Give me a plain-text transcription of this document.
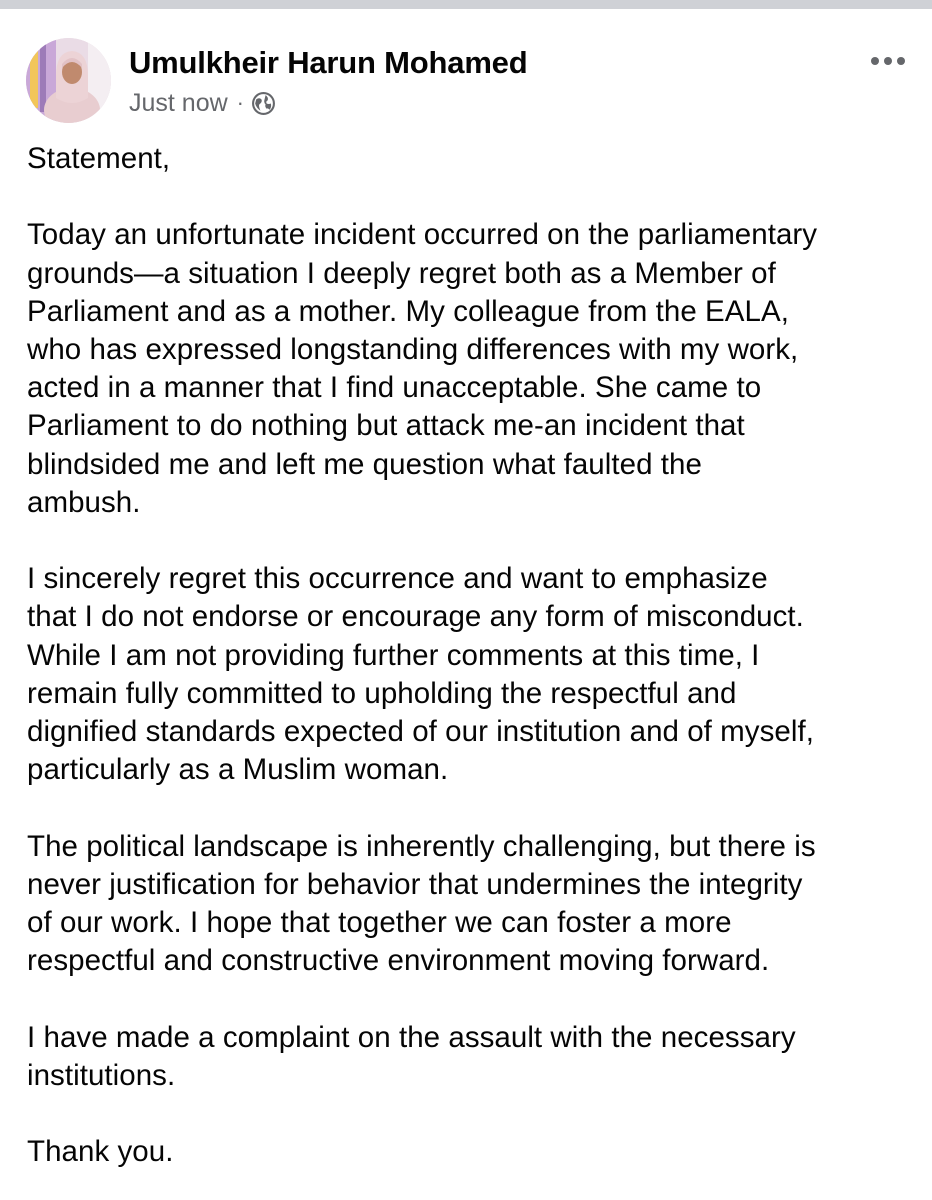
Umulkheir Harun Mohamed
Just now ·

Statement,

Today an unfortunate incident occurred on the parliamentary
grounds—a situation I deeply regret both as a Member of
Parliament and as a mother. My colleague from the EALA,
who has expressed longstanding differences with my work,
acted in a manner that I find unacceptable. She came to
Parliament to do nothing but attack me-an incident that
blindsided me and left me question what faulted the
ambush.

I sincerely regret this occurrence and want to emphasize
that I do not endorse or encourage any form of misconduct.
While I am not providing further comments at this time, I
remain fully committed to upholding the respectful and
dignified standards expected of our institution and of myself,
particularly as a Muslim woman.

The political landscape is inherently challenging, but there is
never justification for behavior that undermines the integrity
of our work. I hope that together we can foster a more
respectful and constructive environment moving forward.

I have made a complaint on the assault with the necessary
institutions.

Thank you.
